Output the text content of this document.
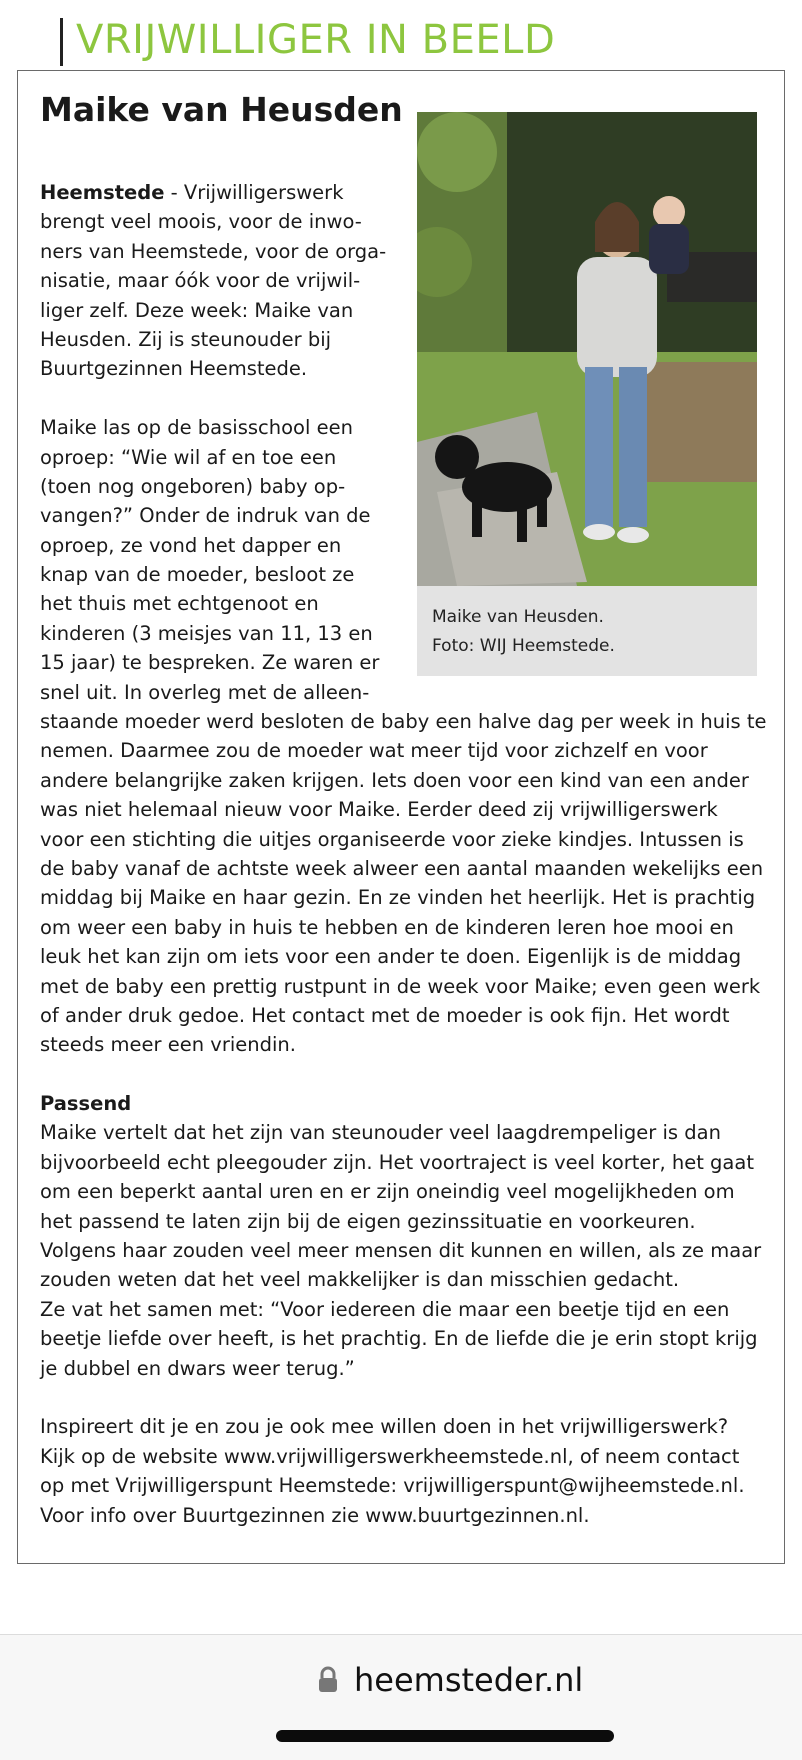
VRIJWILLIGER IN BEELD
Maike van Heusden
Maike van Heusden.
Foto: WIJ Heemstede.
Heemstede - Vrijwilligerswerk
brengt veel moois, voor de inwo-
ners van Heemstede, voor de orga-
nisatie, maar óók voor de vrijwil-
liger zelf. Deze week: Maike van
Heusden. Zij is steunouder bij
Buurtgezinnen Heemstede.
Maike las op de basisschool een
oproep: “Wie wil af en toe een
(toen nog ongeboren) baby op-
vangen?” Onder de indruk van de
oproep, ze vond het dapper en
knap van de moeder, besloot ze
het thuis met echtgenoot en
kinderen (3 meisjes van 11, 13 en
15 jaar) te bespreken. Ze waren er
snel uit. In overleg met de alleen-
staande moeder werd besloten de baby een halve dag per week in huis te
nemen. Daarmee zou de moeder wat meer tijd voor zichzelf en voor
andere belangrijke zaken krijgen. Iets doen voor een kind van een ander
was niet helemaal nieuw voor Maike. Eerder deed zij vrijwilligerswerk
voor een stichting die uitjes organiseerde voor zieke kindjes. Intussen is
de baby vanaf de achtste week alweer een aantal maanden wekelijks een
middag bij Maike en haar gezin. En ze vinden het heerlijk. Het is prachtig
om weer een baby in huis te hebben en de kinderen leren hoe mooi en
leuk het kan zijn om iets voor een ander te doen. Eigenlijk is de middag
met de baby een prettig rustpunt in de week voor Maike; even geen werk
of ander druk gedoe. Het contact met de moeder is ook fijn. Het wordt
steeds meer een vriendin.
Passend
Maike vertelt dat het zijn van steunouder veel laagdrempeliger is dan
bijvoorbeeld echt pleegouder zijn. Het voortraject is veel korter, het gaat
om een beperkt aantal uren en er zijn oneindig veel mogelijkheden om
het passend te laten zijn bij de eigen gezinssituatie en voorkeuren.
Volgens haar zouden veel meer mensen dit kunnen en willen, als ze maar
zouden weten dat het veel makkelijker is dan misschien gedacht.
Ze vat het samen met: “Voor iedereen die maar een beetje tijd en een
beetje liefde over heeft, is het prachtig. En de liefde die je erin stopt krijg
je dubbel en dwars weer terug.”
Inspireert dit je en zou je ook mee willen doen in het vrijwilligerswerk?
Kijk op de website www.vrijwilligerswerkheemstede.nl, of neem contact
op met Vrijwilligerspunt Heemstede: vrijwilligerspunt@wijheemstede.nl.
Voor info over Buurtgezinnen zie www.buurtgezinnen.nl.
heemsteder.nl
